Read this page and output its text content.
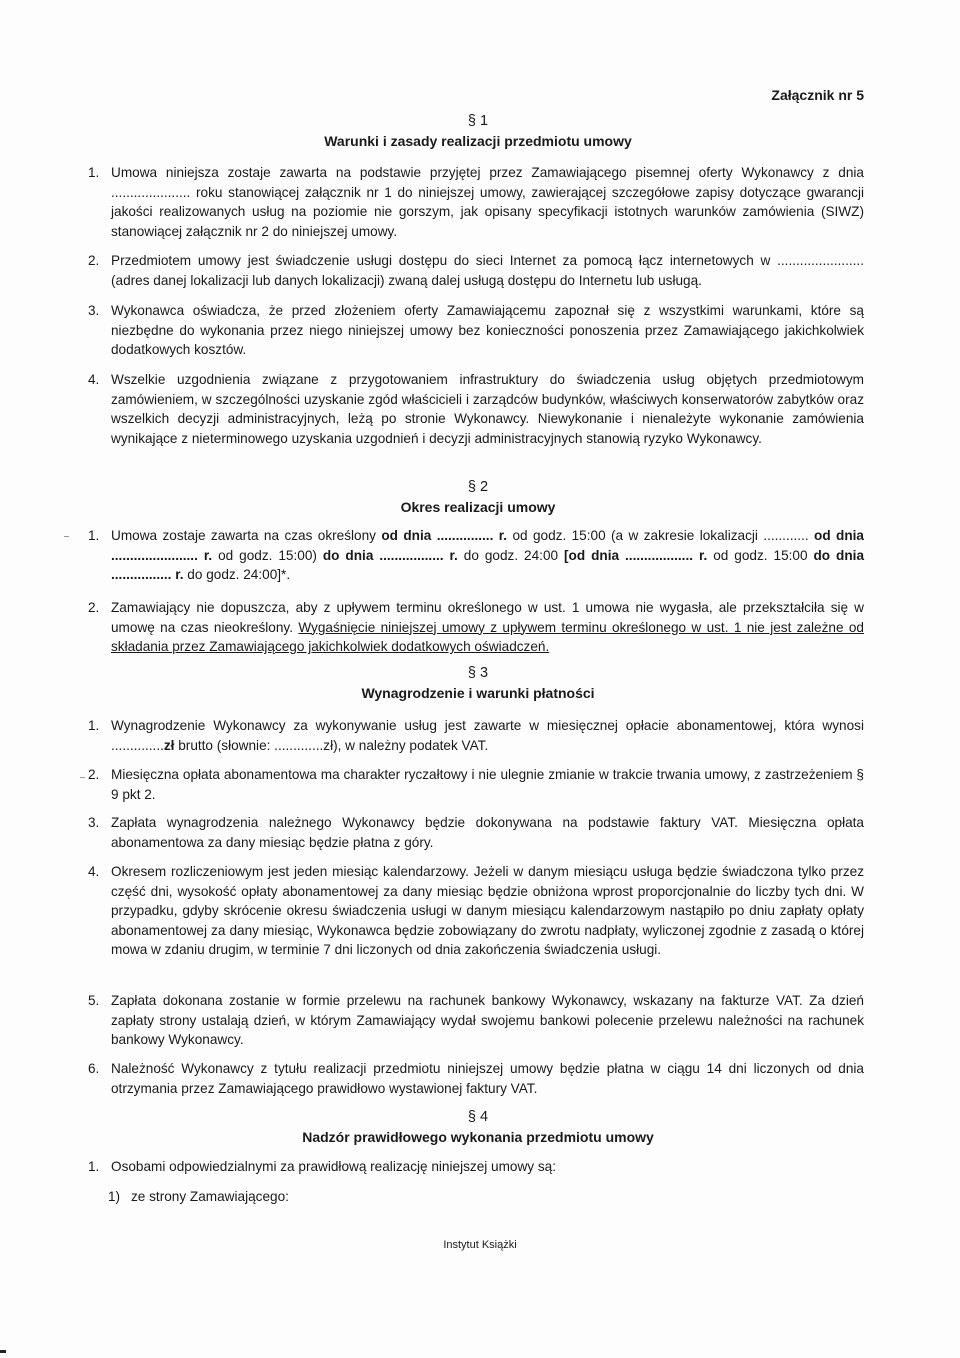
Załącznik nr 5
§ 1
Warunki i zasady realizacji przedmiotu umowy
1. Umowa niniejsza zostaje zawarta na podstawie przyjętej przez Zamawiającego pisemnej oferty Wykonawcy z dnia ..................... roku stanowiącej załącznik nr 1 do niniejszej umowy, zawierającej szczegółowe zapisy dotyczące gwarancji jakości realizowanych usług na poziomie nie gorszym, jak opisany specyfikacji istotnych warunków zamówienia (SIWZ) stanowiącej załącznik nr 2 do niniejszej umowy.
2. Przedmiotem umowy jest świadczenie usługi dostępu do sieci Internet za pomocą łącz internetowych w ....................... (adres danej lokalizacji lub danych lokalizacji) zwaną dalej usługą dostępu do Internetu lub usługą.
3. Wykonawca oświadcza, że przed złożeniem oferty Zamawiającemu zapoznał się z wszystkimi warunkami, które są niezbędne do wykonania przez niego niniejszej umowy bez konieczności ponoszenia przez Zamawiającego jakichkolwiek dodatkowych kosztów.
4. Wszelkie uzgodnienia związane z przygotowaniem infrastruktury do świadczenia usług objętych przedmiotowym zamówieniem, w szczególności uzyskanie zgód właścicieli i zarządców budynków, właściwych konserwatorów zabytków oraz wszelkich decyzji administracyjnych, leżą po stronie Wykonawcy. Niewykonanie i nienależyte wykonanie zamówienia wynikające z nieterminowego uzyskania uzgodnień i decyzji administracyjnych stanowią ryzyko Wykonawcy.
§ 2
Okres realizacji umowy
1. Umowa zostaje zawarta na czas określony od dnia ............... r. od godz. 15:00 (a w zakresie lokalizacji ............ od dnia ....................... r. od godz. 15:00) do dnia ................. r. do godz. 24:00 [od dnia .................. r. od godz. 15:00 do dnia ................ r. do godz. 24:00]*.
2. Zamawiający nie dopuszcza, aby z upływem terminu określonego w ust. 1 umowa nie wygasła, ale przekształciła się w umowę na czas nieokreślony. Wygaśnięcie niniejszej umowy z upływem terminu określonego w ust. 1 nie jest zależne od składania przez Zamawiającego jakichkolwiek dodatkowych oświadczeń.
§ 3
Wynagrodzenie i warunki płatności
1. Wynagrodzenie Wykonawcy za wykonywanie usług jest zawarte w miesięcznej opłacie abonamentowej, która wynosi ..............zł brutto (słownie: .............zł), w należny podatek VAT.
2. Miesięczna opłata abonamentowa ma charakter ryczałtowy i nie ulegnie zmianie w trakcie trwania umowy, z zastrzeżeniem § 9 pkt 2.
3. Zapłata wynagrodzenia należnego Wykonawcy będzie dokonywana na podstawie faktury VAT. Miesięczna opłata abonamentowa za dany miesiąc będzie płatna z góry.
4. Okresem rozliczeniowym jest jeden miesiąc kalendarzowy. Jeżeli w danym miesiącu usługa będzie świadczona tylko przez część dni, wysokość opłaty abonamentowej za dany miesiąc będzie obniżona wprost proporcjonalnie do liczby tych dni. W przypadku, gdyby skrócenie okresu świadczenia usługi w danym miesiącu kalendarzowym nastąpiło po dniu zapłaty opłaty abonamentowej za dany miesiąc, Wykonawca będzie zobowiązany do zwrotu nadpłaty, wyliczonej zgodnie z zasadą o której mowa w zdaniu drugim, w terminie 7 dni liczonych od dnia zakończenia świadczenia usługi.
5. Zapłata dokonana zostanie w formie przelewu na rachunek bankowy Wykonawcy, wskazany na fakturze VAT. Za dzień zapłaty strony ustalają dzień, w którym Zamawiający wydał swojemu bankowi polecenie przelewu należności na rachunek bankowy Wykonawcy.
6. Należność Wykonawcy z tytułu realizacji przedmiotu niniejszej umowy będzie płatna w ciągu 14 dni liczonych od dnia otrzymania przez Zamawiającego prawidłowo wystawionej faktury VAT.
§ 4
Nadzór prawidłowego wykonania przedmiotu umowy
1. Osobami odpowiedzialnymi za prawidłową realizację niniejszej umowy są:
1) ze strony Zamawiającego:
Instytut Książki
